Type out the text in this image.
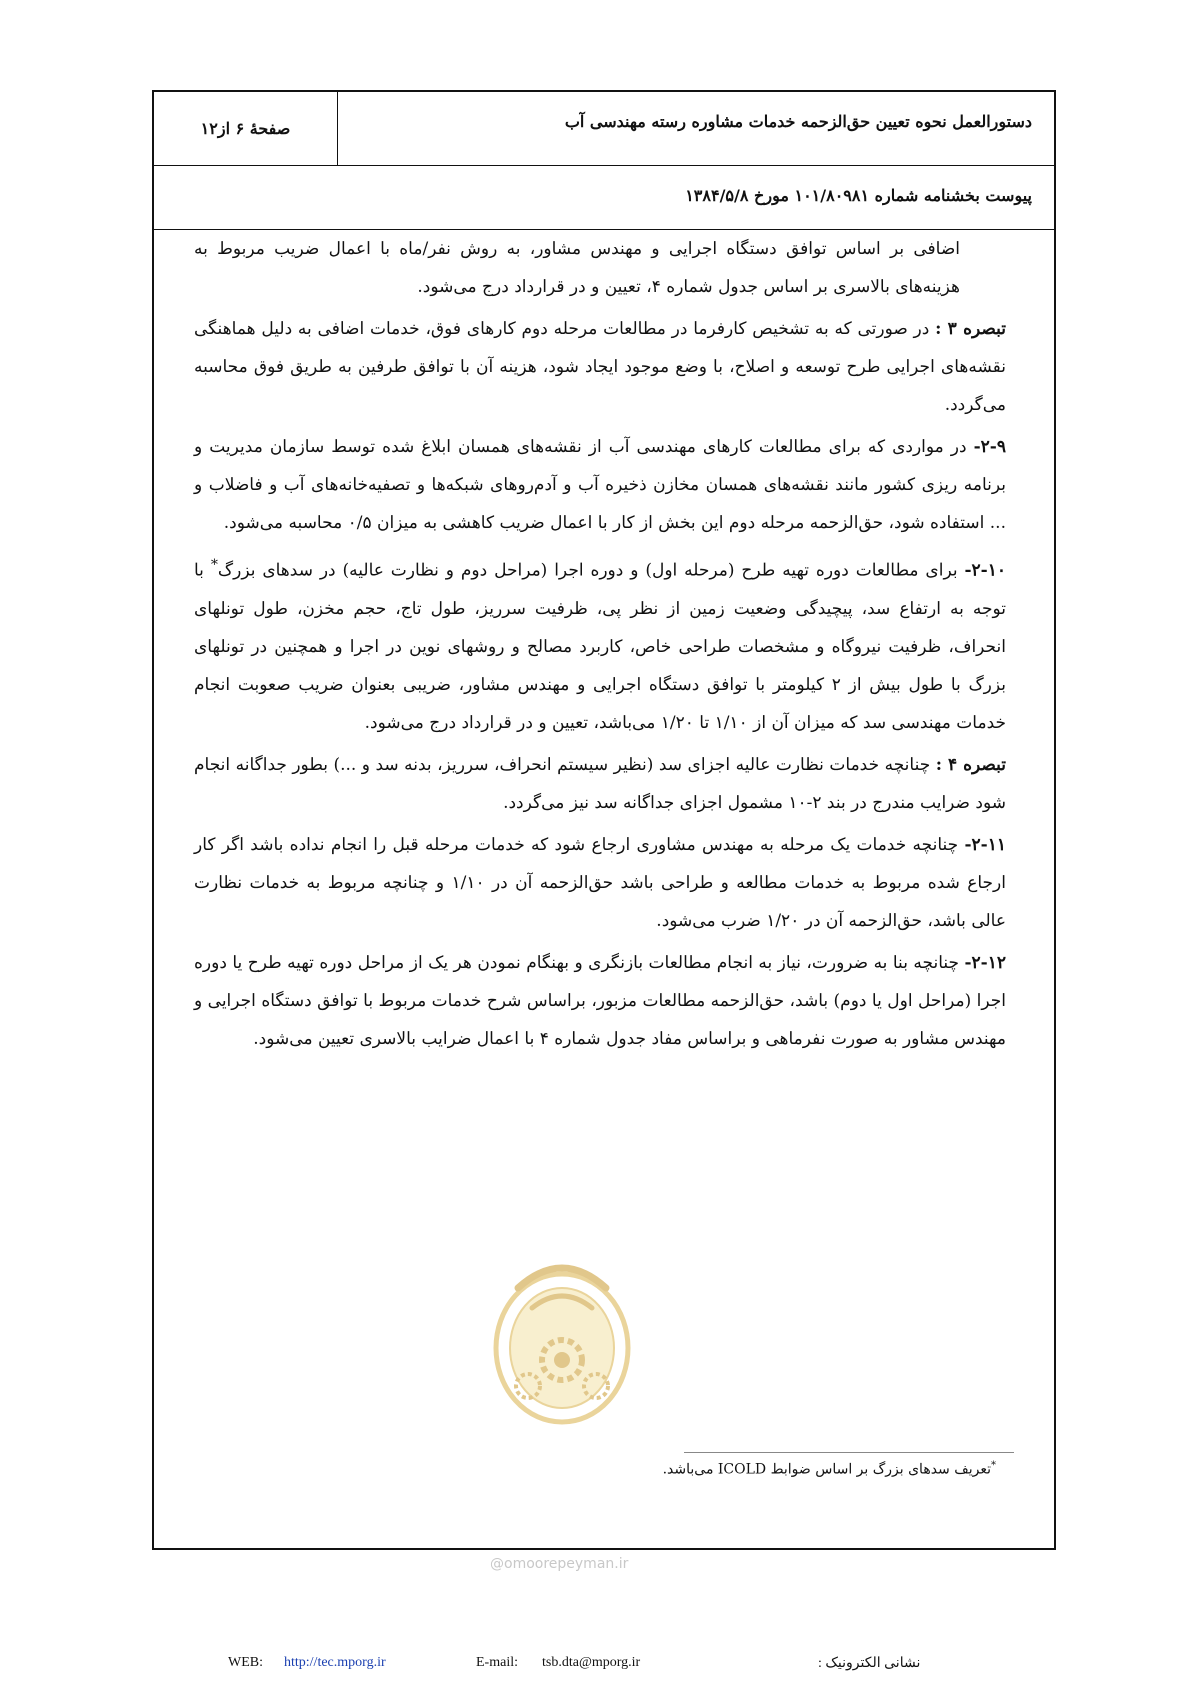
صفحهٔ ۶ از۱۲	دستورالعمل نحوه تعیین حق‌الزحمه خدمات مشاوره رسته مهندسی آب
پیوست بخشنامه شماره ۱۰۱/۸۰۹۸۱ مورخ ۱۳۸۴/۵/۸

اضافی بر اساس توافق دستگاه اجرایی و مهندس مشاور، به روش نفر/ماه با اعمال ضریب مربوط به هزینه‌های بالاسری بر اساس جدول شماره ۴، تعیین و در قرارداد درج می‌شود.

تبصره ۳ : در صورتی که به تشخیص کارفرما در مطالعات مرحله دوم کارهای فوق، خدمات اضافی به دلیل هماهنگی نقشه‌های اجرایی طرح توسعه و اصلاح، با وضع موجود ایجاد شود، هزینه آن با توافق طرفین به طریق فوق محاسبه می‌گردد.

۲-۹- در مواردی که برای مطالعات کارهای مهندسی آب از نقشه‌های همسان ابلاغ شده توسط سازمان مدیریت و برنامه ریزی کشور مانند نقشه‌های همسان مخازن ذخیره آب و آدم‌روهای شبکه‌ها و تصفیه‌خانه‌های آب و فاضلاب و ... استفاده شود، حق‌الزحمه مرحله دوم این بخش از کار با اعمال ضریب کاهشی به میزان ۰/۵ محاسبه می‌شود.

۲-۱۰- برای مطالعات دوره تهیه طرح (مرحله اول) و دوره اجرا (مراحل دوم و نظارت عالیه) در سدهای بزرگ* با توجه به ارتفاع سد، پیچیدگی وضعیت زمین از نظر پی، ظرفیت سرریز، طول تاج، حجم مخزن، طول تونلهای انحراف، ظرفیت نیروگاه و مشخصات طراحی خاص، کاربرد مصالح و روشهای نوین در اجرا و همچنین در تونلهای بزرگ با طول بیش از ۲ کیلومتر با توافق دستگاه اجرایی و مهندس مشاور، ضریبی بعنوان ضریب صعوبت انجام خدمات مهندسی سد که میزان آن از ۱/۱۰ تا ۱/۲۰ می‌باشد، تعیین و در قرارداد درج می‌شود.

تبصره ۴ : چنانچه خدمات نظارت عالیه اجزای سد (نظیر سیستم انحراف، سرریز، بدنه سد و ...) بطور جداگانه انجام شود ضرایب مندرج در بند ۲-۱۰ مشمول اجزای جداگانه سد نیز می‌گردد.

۲-۱۱- چنانچه خدمات یک مرحله به مهندس مشاوری ارجاع شود که خدمات مرحله قبل را انجام نداده باشد اگر کار ارجاع شده مربوط به خدمات مطالعه و طراحی باشد حق‌الزحمه آن در ۱/۱۰ و چنانچه مربوط به خدمات نظارت عالی باشد، حق‌الزحمه آن در ۱/۲۰ ضرب می‌شود.

۲-۱۲- چنانچه بنا به ضرورت، نیاز به انجام مطالعات بازنگری و بهنگام نمودن هر یک از مراحل دوره تهیه طرح یا دوره اجرا (مراحل اول یا دوم) باشد، حق‌الزحمه مطالعات مزبور، براساس شرح خدمات مربوط با توافق دستگاه اجرایی و مهندس مشاور به صورت نفرماهی و براساس مفاد جدول شماره ۴ با اعمال ضرایب بالاسری تعیین می‌شود.

*تعریف سدهای بزرگ بر اساس ضوابط ICOLD می‌باشد.
@omoorepeyman.ir
WEB: http://tec.mporg.ir	E-mail: tsb.dta@mporg.ir	نشانی الکترونیک :
